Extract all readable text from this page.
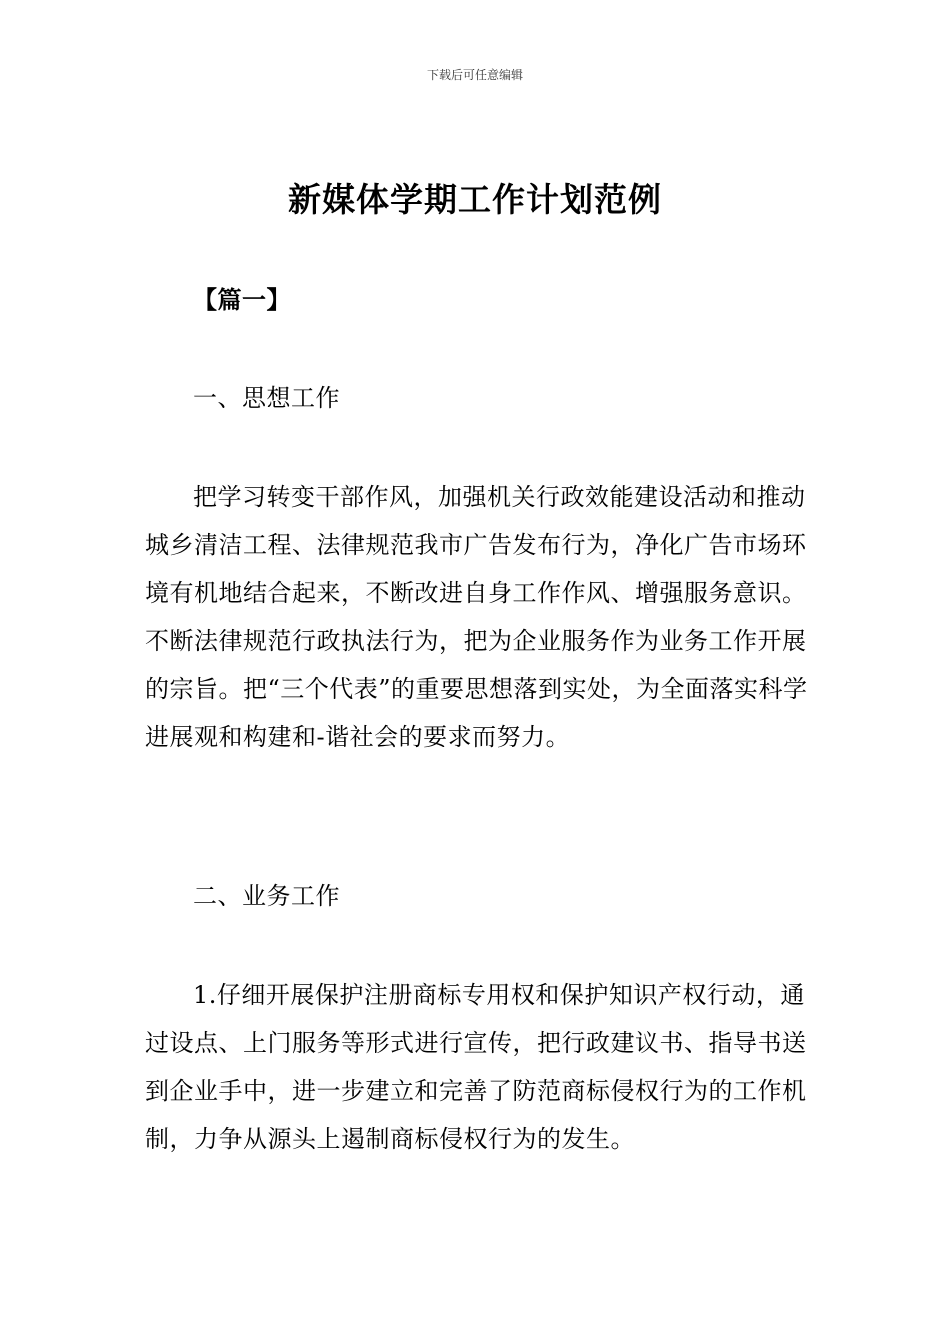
下载后可任意编辑
新媒体学期工作计划范例
【篇一】
一、思想工作
把学习转变干部作风，加强机关行政效能建设活动和推动城乡清洁工程、法律规范我市广告发布行为，净化广告市场环境有机地结合起来，不断改进自身工作作风、增强服务意识。不断法律规范行政执法行为，把为企业服务作为业务工作开展的宗旨。把“三个代表”的重要思想落到实处，为全面落实科学进展观和构建和-谐社会的要求而努力。
二、业务工作
1.仔细开展保护注册商标专用权和保护知识产权行动，通过设点、上门服务等形式进行宣传，把行政建议书、指导书送到企业手中，进一步建立和完善了防范商标侵权行为的工作机制，力争从源头上遏制商标侵权行为的发生。
